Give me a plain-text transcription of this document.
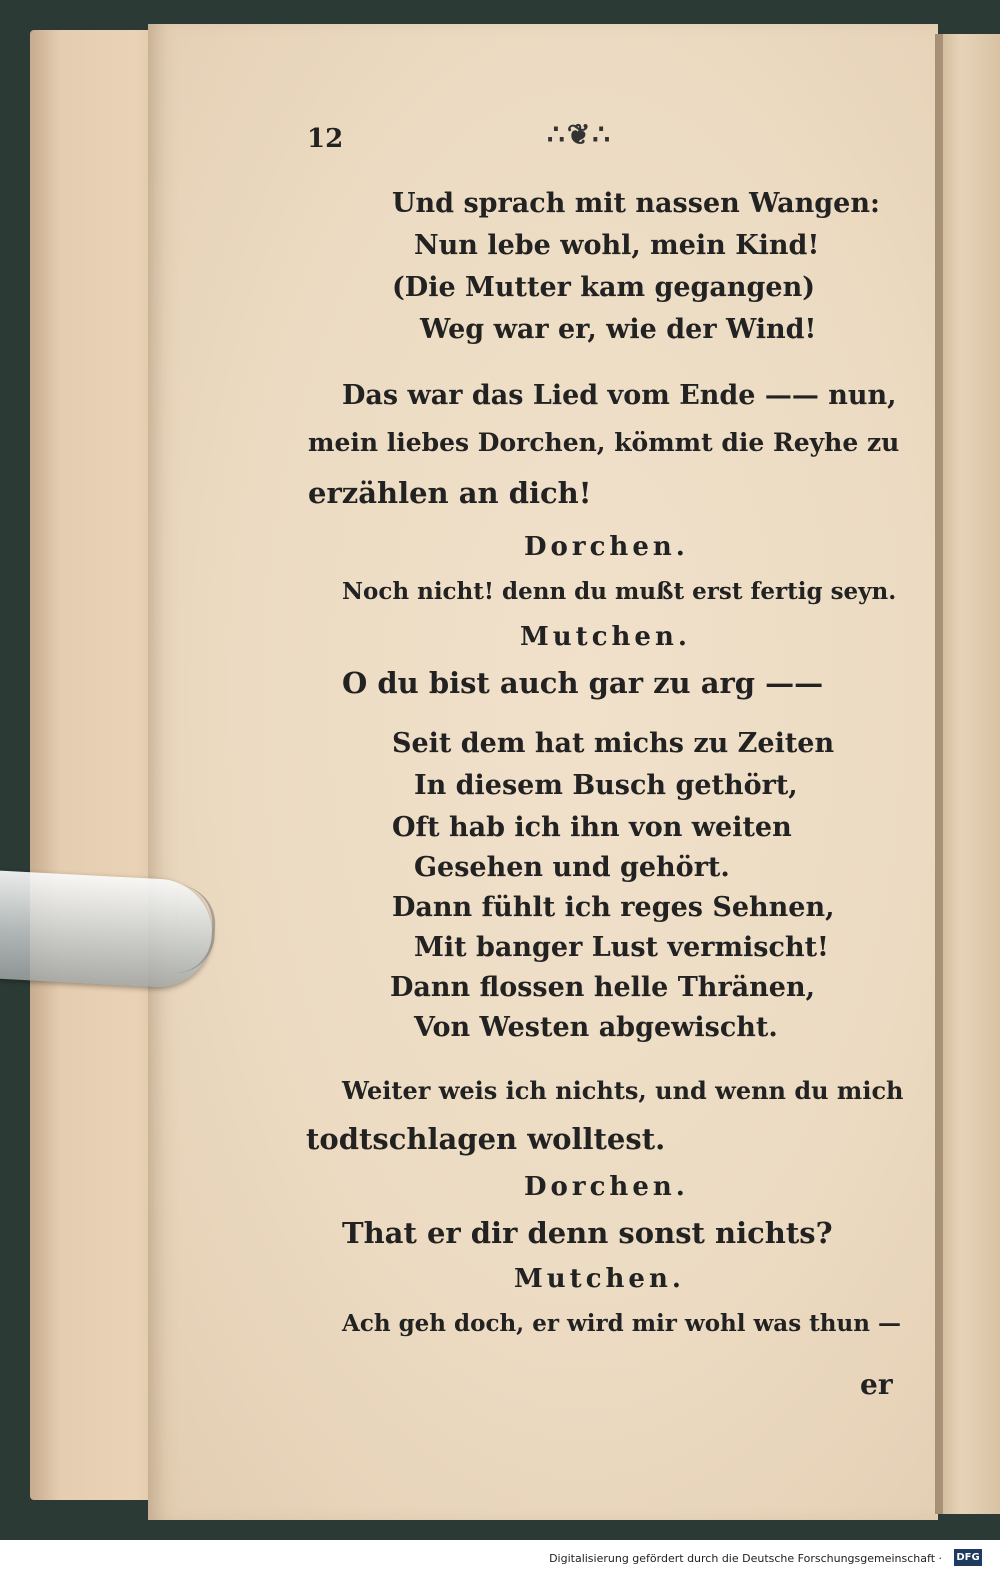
12	∴❦∴
Und sprach mit nassen Wangen:
Nun lebe wohl, mein Kind!
(Die Mutter kam gegangen)
Weg war er, wie der Wind!
Das war das Lied vom Ende —— nun,
mein liebes Dorchen, kömmt die Reyhe zu
erzählen an dich!
Dorchen.
Noch nicht! denn du mußt erst fertig seyn.
Mutchen.
O du bist auch gar zu arg ——
Seit dem hat michs zu Zeiten
In diesem Busch gethört,
Oft hab ich ihn von weiten
Gesehen und gehört.
Dann fühlt ich reges Sehnen,
Mit banger Lust vermischt!
Dann flossen helle Thränen,
Von Westen abgewischt.
Weiter weis ich nichts, und wenn du mich
todtschlagen wolltest.
Dorchen.
That er dir denn sonst nichts?
Mutchen.
Ach geh doch, er wird mir wohl was thun —
er
Digitalisierung gefördert durch die Deutsche Forschungsgemeinschaft · DFG
